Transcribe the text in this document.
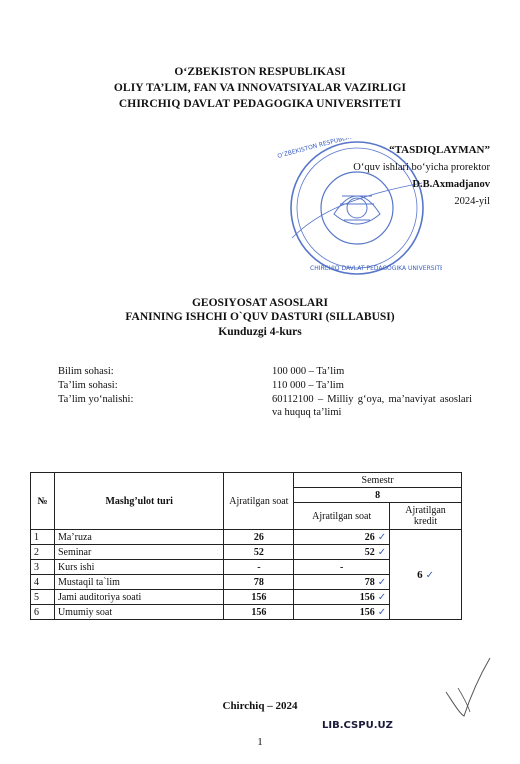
O‘ZBEKISTON RESPUBLIKASI
OLIY TA’LIM, FAN VA INNOVATSIYALAR VAZIRLIGI
CHIRCHIQ DAVLAT PEDAGOGIKA UNIVERSITETI
CHIRCHIQ DAVLAT PEDAGOGIKA UNIVERSITETI
“TASDIQLAYMAN”
O‘quv ishlari bo‘yicha prorektor
D.B.Axmadjanov
2024-yil
GEOSIYOSAT ASOSLARI
FANINING ISHCHI O`QUV DASTURI (SILLABUSI)
Kunduzgi 4-kurs
Bilim sohasi:	100 000 – Ta’lim
Ta’lim sohasi:	110 000 – Ta’lim
Ta’lim yo‘nalishi:	60112100 – Milliy g‘oya, ma’naviyat asoslari va huquq ta’limi
№	Mashg’ulot turi	Ajratilgan soat	Semestr	
			8	
			Ajratilgan soat	Ajratilgan kredit
1	Ma’ruza	26	26 ✓	6 ✓
2	Seminar	52	52 ✓	
3	Kurs ishi	-	-	
4	Mustaqil ta`lim	78	78 ✓	
5	Jami auditoriya soati	156	156 ✓	
6	Umumiy soat	156	156 ✓	
Chirchiq – 2024
LIB.CSPU.UZ
1
